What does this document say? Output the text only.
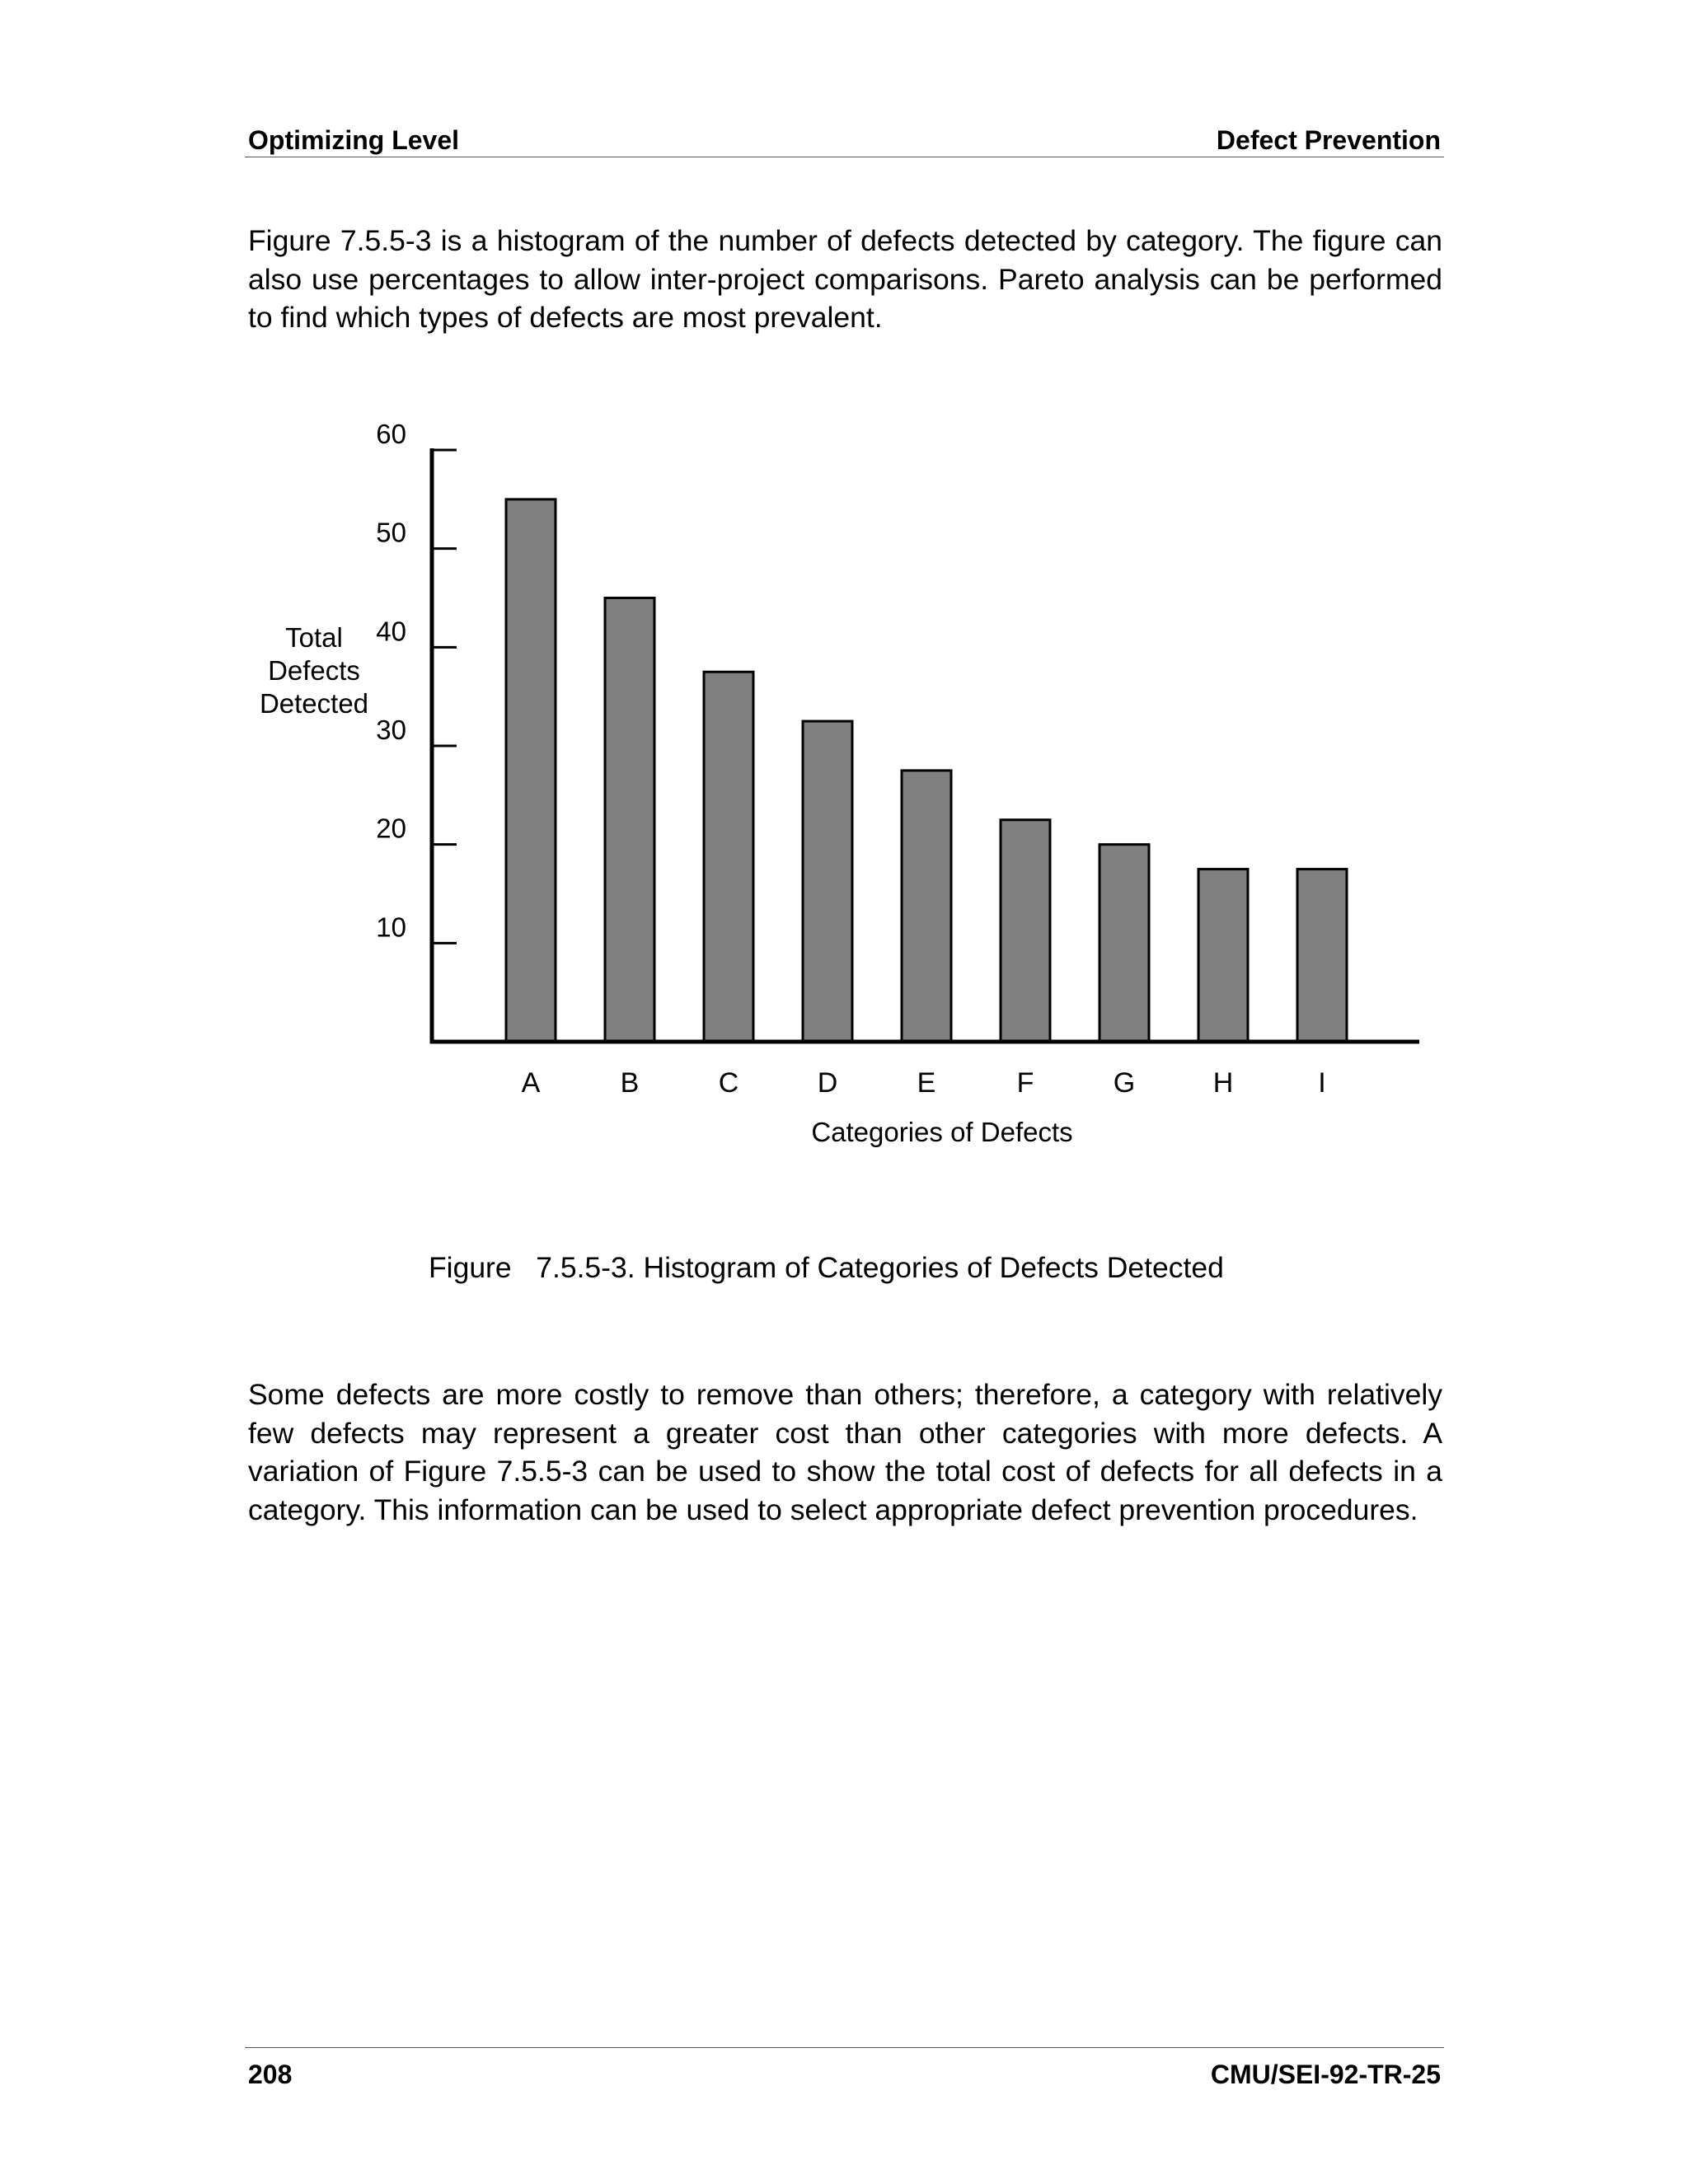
Optimizing Level	Defect Prevention

Figure 7.5.5-3 is a histogram of the number of defects detected by category. The figure can also use percentages to allow inter-project comparisons. Pareto analysis can be performed to find which types of defects are most prevalent.

10
20
30
40
50
60
A	B	C	D	E	F	G	H	I
Categories of Defects
Total Defects Detected
Figure   7.5.5-3. Histogram of Categories of Defects Detected

Some defects are more costly to remove than others; therefore, a category with relatively few defects may represent a greater cost than other categories with more defects. A variation of Figure 7.5.5-3 can be used to show the total cost of defects for all defects in a category. This information can be used to select appropriate defect prevention procedures.

208	CMU/SEI-92-TR-25
